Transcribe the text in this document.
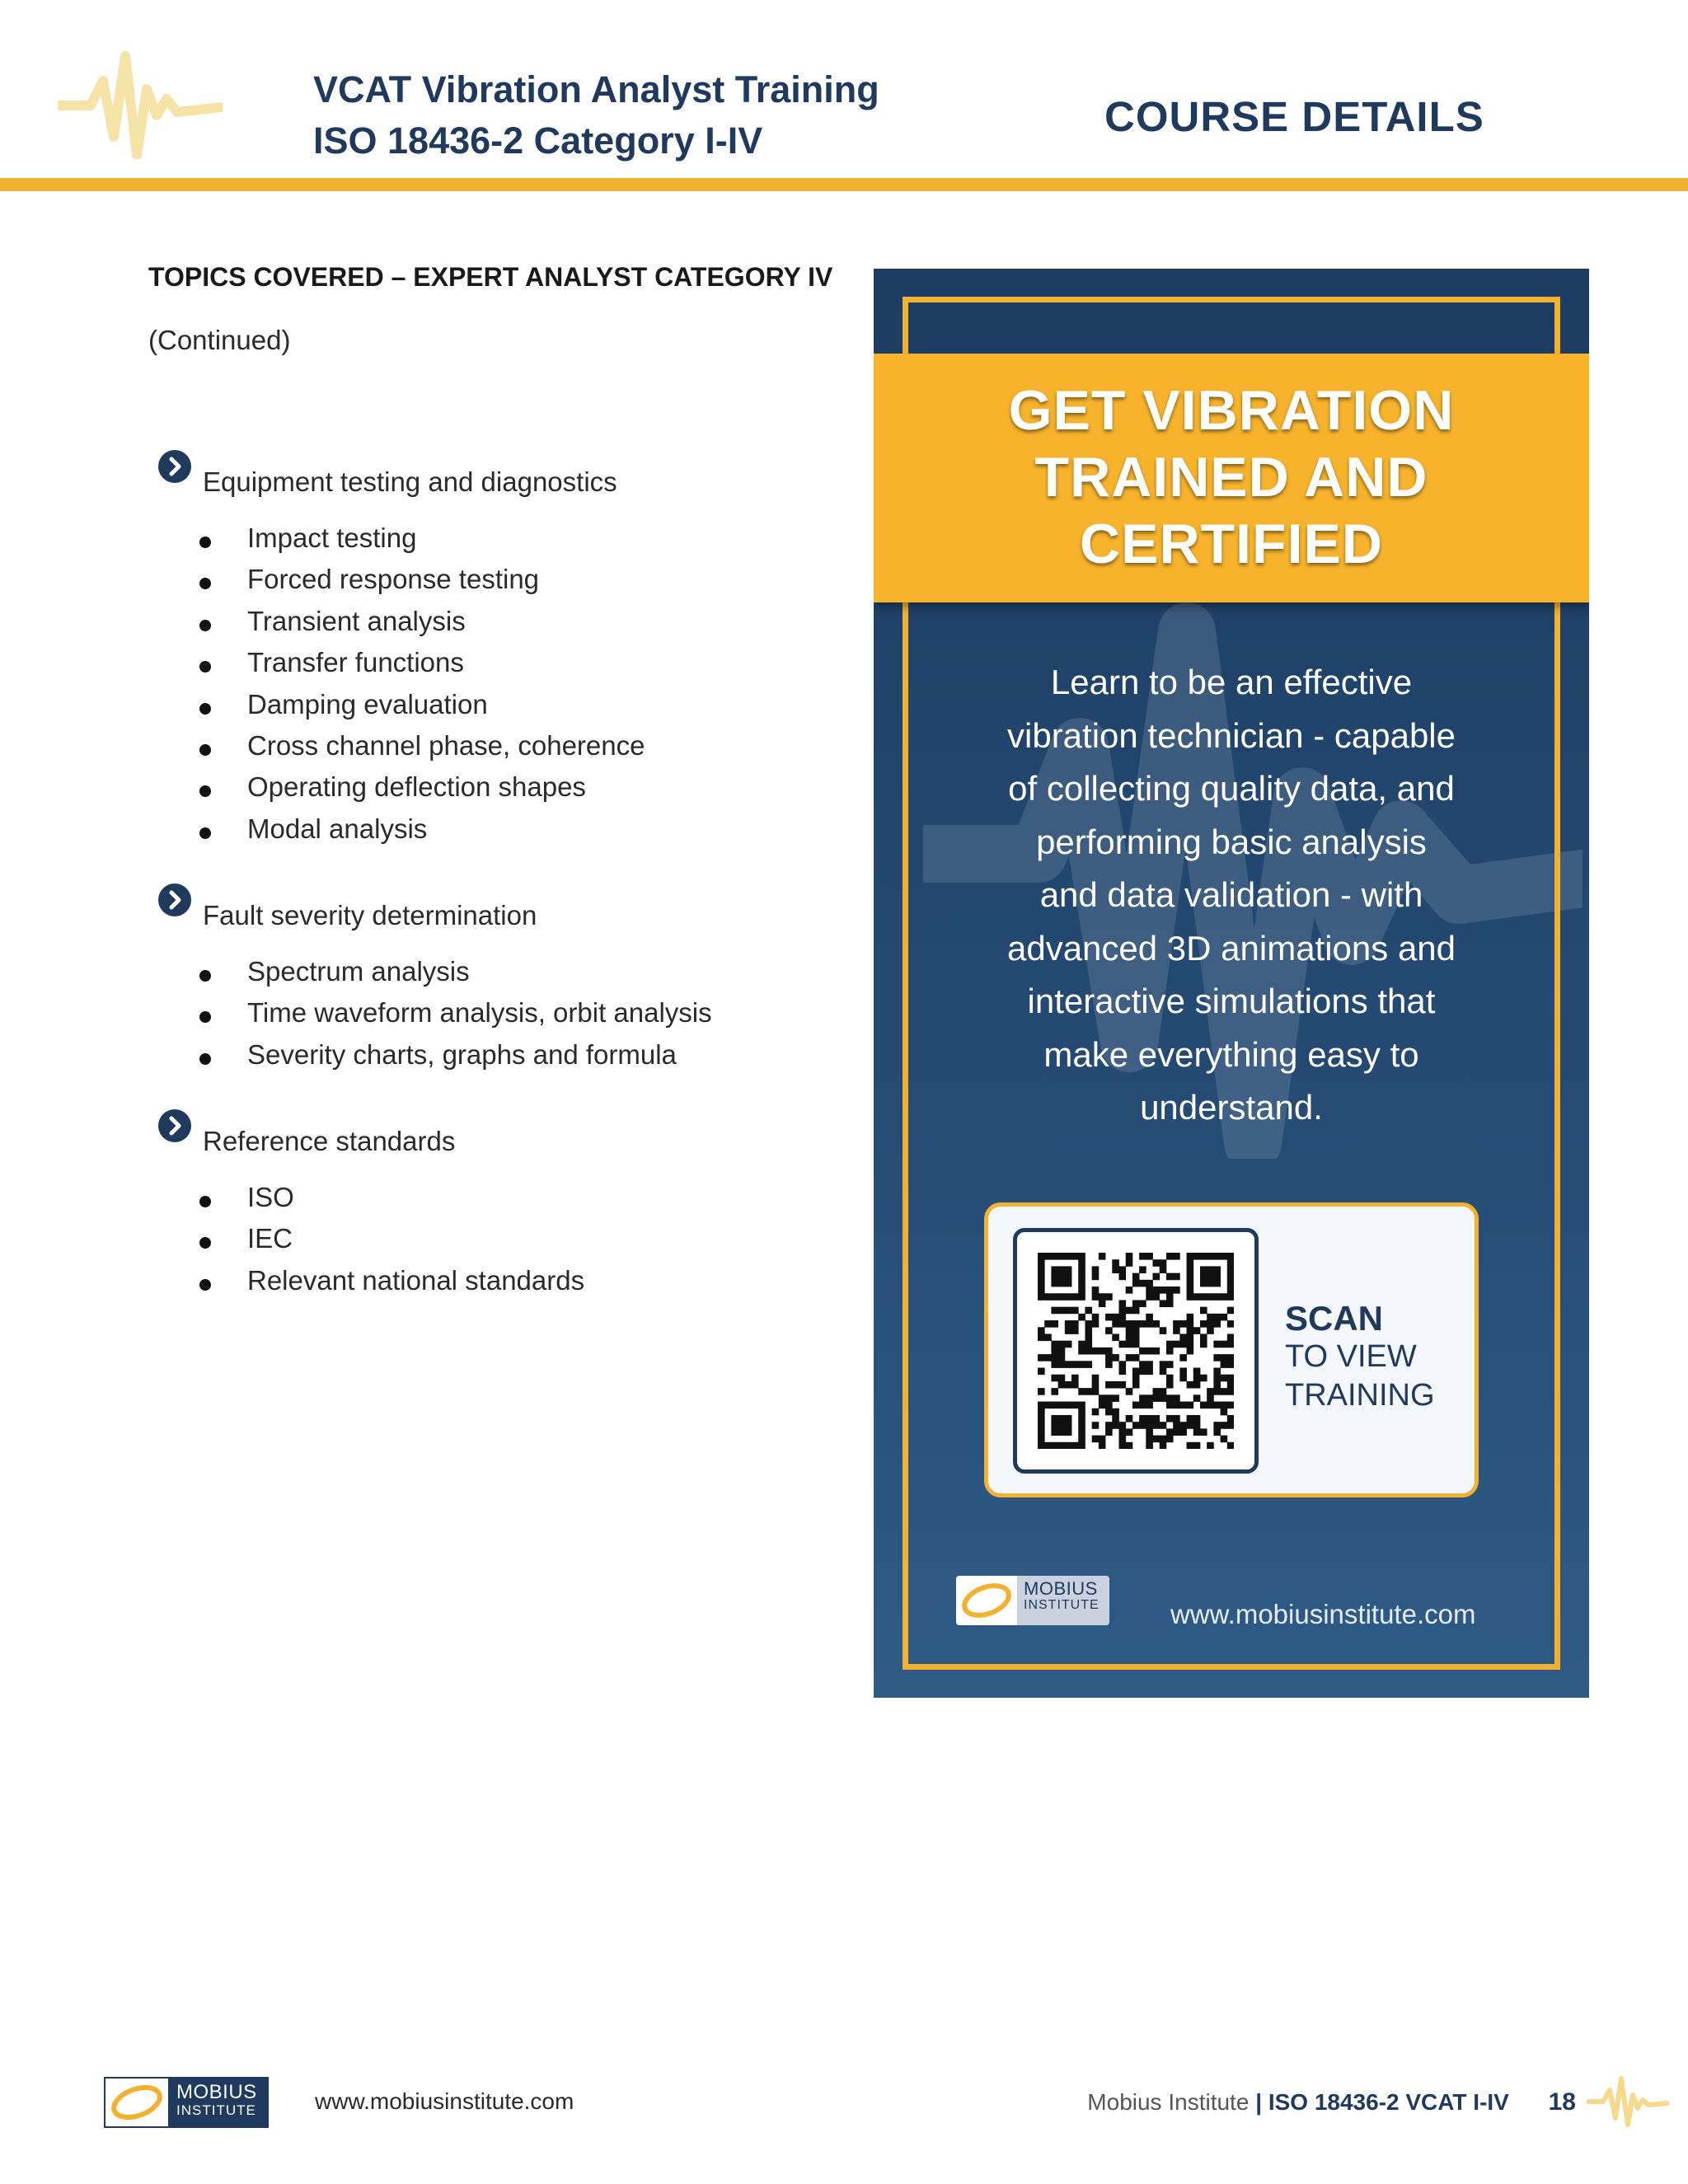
VCAT Vibration Analyst Training
ISO 18436-2 Category I-IV
COURSE DETAILS
TOPICS COVERED – EXPERT ANALYST CATEGORY IV
(Continued)
Equipment testing and diagnostics
Impact testing
Forced response testing
Transient analysis
Transfer functions
Damping evaluation
Cross channel phase, coherence
Operating deflection shapes
Modal analysis
Fault severity determination
Spectrum analysis
Time waveform analysis, orbit analysis
Severity charts, graphs and formula
Reference standards
ISO
IEC
Relevant national standards
GET VIBRATION
TRAINED AND
CERTIFIED
Learn to be an effective
vibration technician - capable
of collecting quality data, and
performing basic analysis
and data validation - with
advanced 3D animations and
interactive simulations that
make everything easy to
understand.
SCAN
TO VIEW
TRAINING
MOBIUS
INSTITUTE	www.mobiusinstitute.com
MOBIUS
INSTITUTE	www.mobiusinstitute.com	Mobius Institute | ISO 18436-2 VCAT I-IV 18
